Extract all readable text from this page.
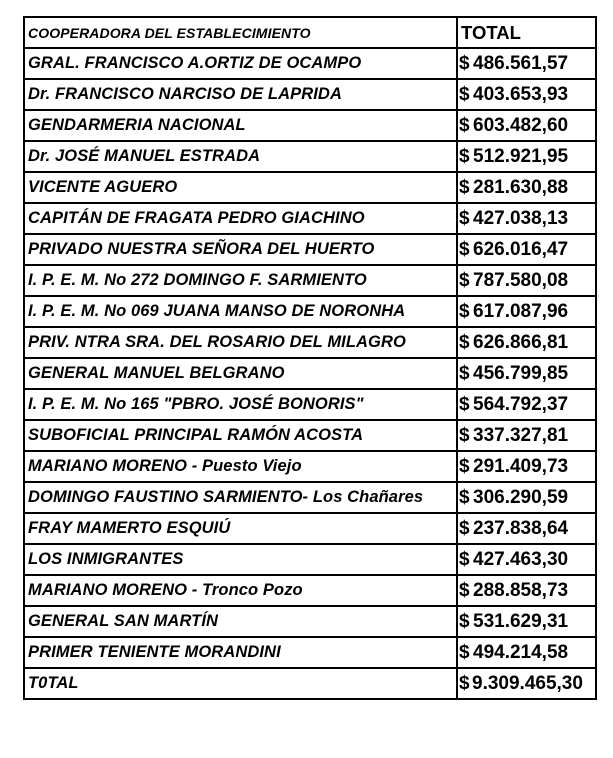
COOPERADORA DEL ESTABLECIMIENTO	TOTAL
GRAL. FRANCISCO A.ORTIZ DE OCAMPO	$ 486.561,57
Dr. FRANCISCO NARCISO DE LAPRIDA	$ 403.653,93
GENDARMERIA NACIONAL	$ 603.482,60
Dr. JOSÉ MANUEL ESTRADA	$ 512.921,95
VICENTE AGUERO	$ 281.630,88
CAPITÁN DE FRAGATA PEDRO GIACHINO	$ 427.038,13
PRIVADO NUESTRA SEÑORA DEL HUERTO	$ 626.016,47
I. P. E. M. No 272 DOMINGO F. SARMIENTO	$ 787.580,08
I. P. E. M. No 069 JUANA MANSO DE NORONHA	$ 617.087,96
PRIV. NTRA SRA. DEL ROSARIO DEL MILAGRO	$ 626.866,81
GENERAL MANUEL BELGRANO	$ 456.799,85
I. P. E. M. No 165 "PBRO. JOSÉ BONORIS"	$ 564.792,37
SUBOFICIAL PRINCIPAL RAMÓN ACOSTA	$ 337.327,81
MARIANO MORENO - Puesto Viejo	$ 291.409,73
DOMINGO FAUSTINO SARMIENTO- Los Chañares	$ 306.290,59
FRAY MAMERTO ESQUIÚ	$ 237.838,64
LOS INMIGRANTES	$ 427.463,30
MARIANO MORENO - Tronco Pozo	$ 288.858,73
GENERAL SAN MARTÍN	$ 531.629,31
PRIMER TENIENTE MORANDINI	$ 494.214,58
T0TAL	$ 9.309.465,30
